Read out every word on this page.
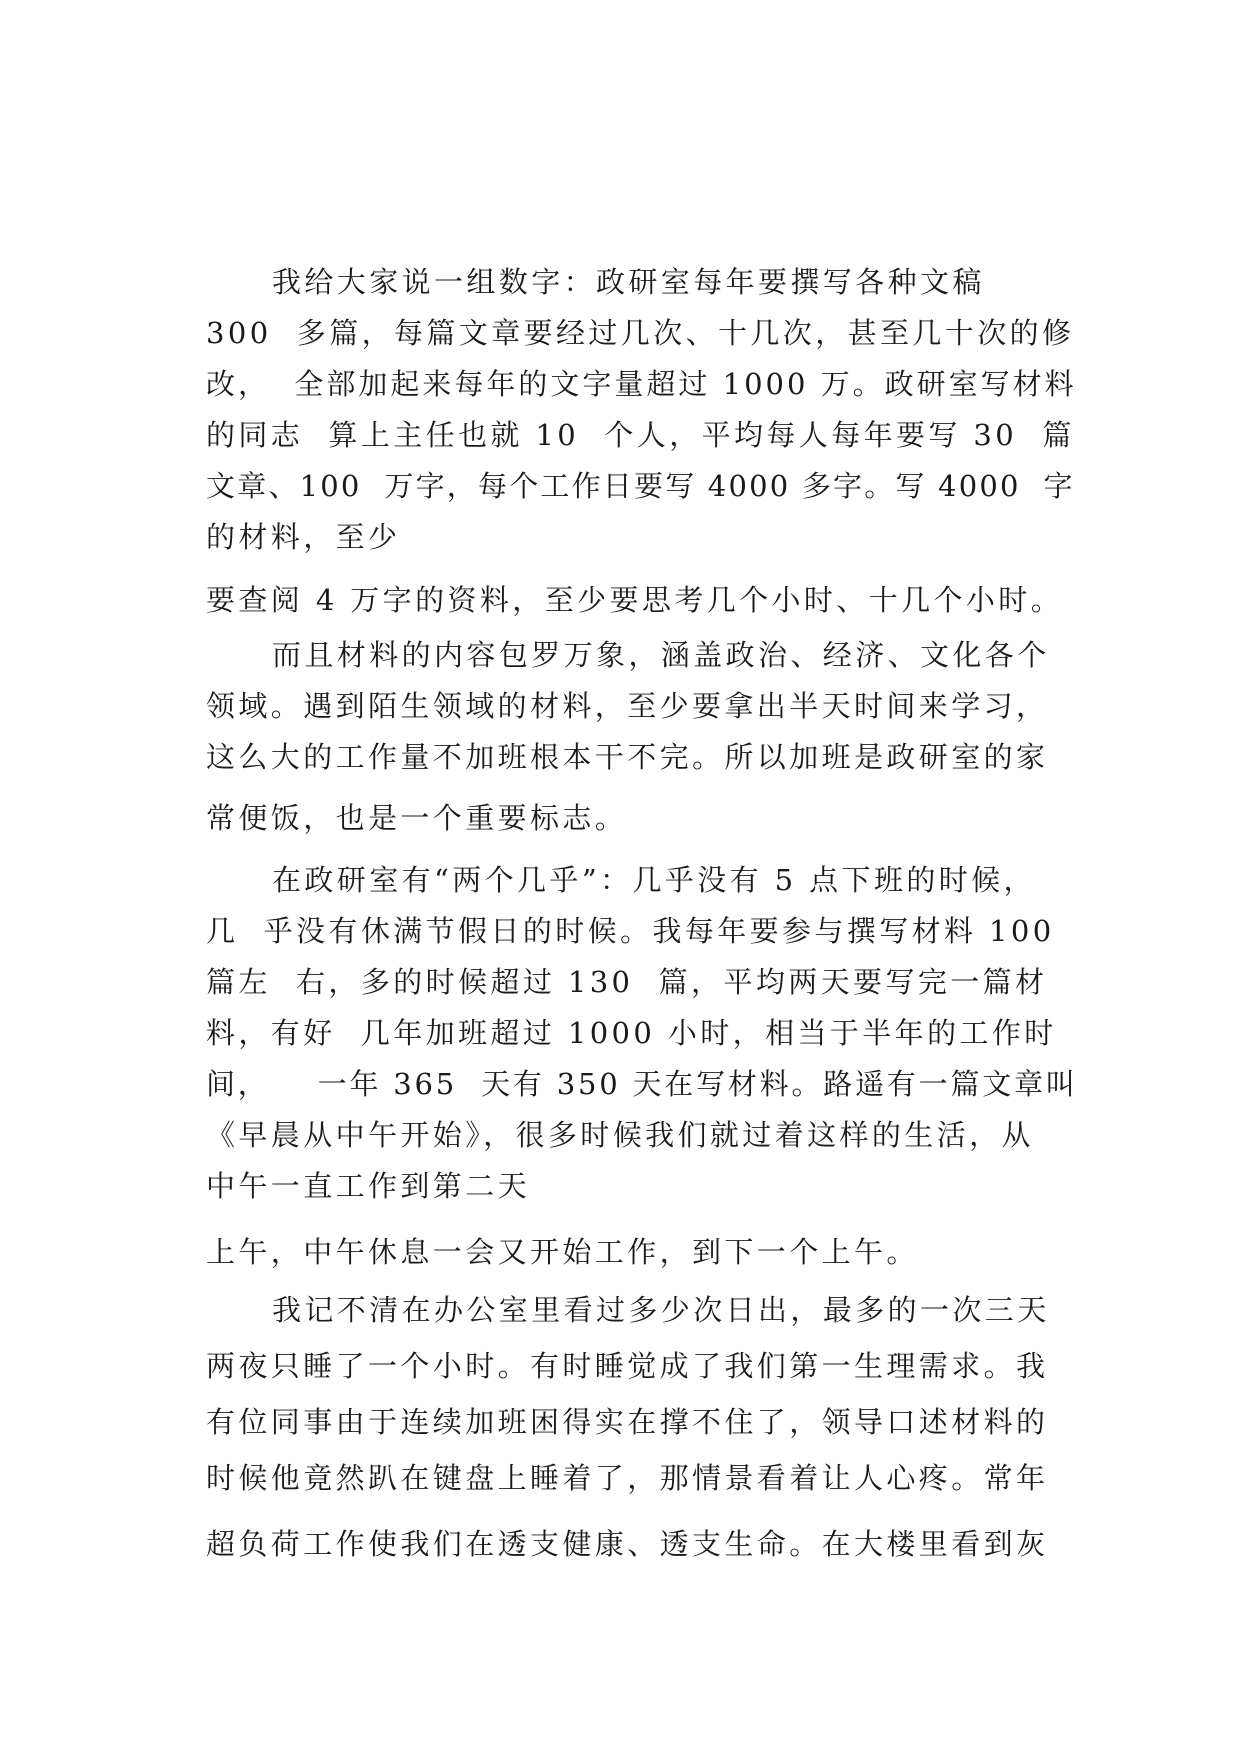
我给大家说一组数字：政研室每年要撰写各种文稿
300  多篇，每篇文章要经过几次、十几次，甚至几十次的修
改，  全部加起来每年的文字量超过 1000 万。政研室写材料
的同志  算上主任也就 10  个人，平均每人每年要写 30  篇
文章、100  万字，每个工作日要写 4000 多字。写 4000  字
的材料，至少
要查阅 4 万字的资料，至少要思考几个小时、十几个小时。
而且材料的内容包罗万象，涵盖政治、经济、文化各个
领域。遇到陌生领域的材料，至少要拿出半天时间来学习，
这么大的工作量不加班根本干不完。所以加班是政研室的家
常便饭，也是一个重要标志。
在政研室有“两个几乎”：几乎没有 5 点下班的时候，
几  乎没有休满节假日的时候。我每年要参与撰写材料 100
篇左  右，多的时候超过 130  篇，平均两天要写完一篇材
料，有好  几年加班超过 1000 小时，相当于半年的工作时
间，    一年 365  天有 350 天在写材料。路遥有一篇文章叫
《早晨从中午开始》，很多时候我们就过着这样的生活，从
中午一直工作到第二天
上午，中午休息一会又开始工作，到下一个上午。
我记不清在办公室里看过多少次日出，最多的一次三天
两夜只睡了一个小时。有时睡觉成了我们第一生理需求。我
有位同事由于连续加班困得实在撑不住了，领导口述材料的
时候他竟然趴在键盘上睡着了，那情景看着让人心疼。常年
超负荷工作使我们在透支健康、透支生命。在大楼里看到灰
